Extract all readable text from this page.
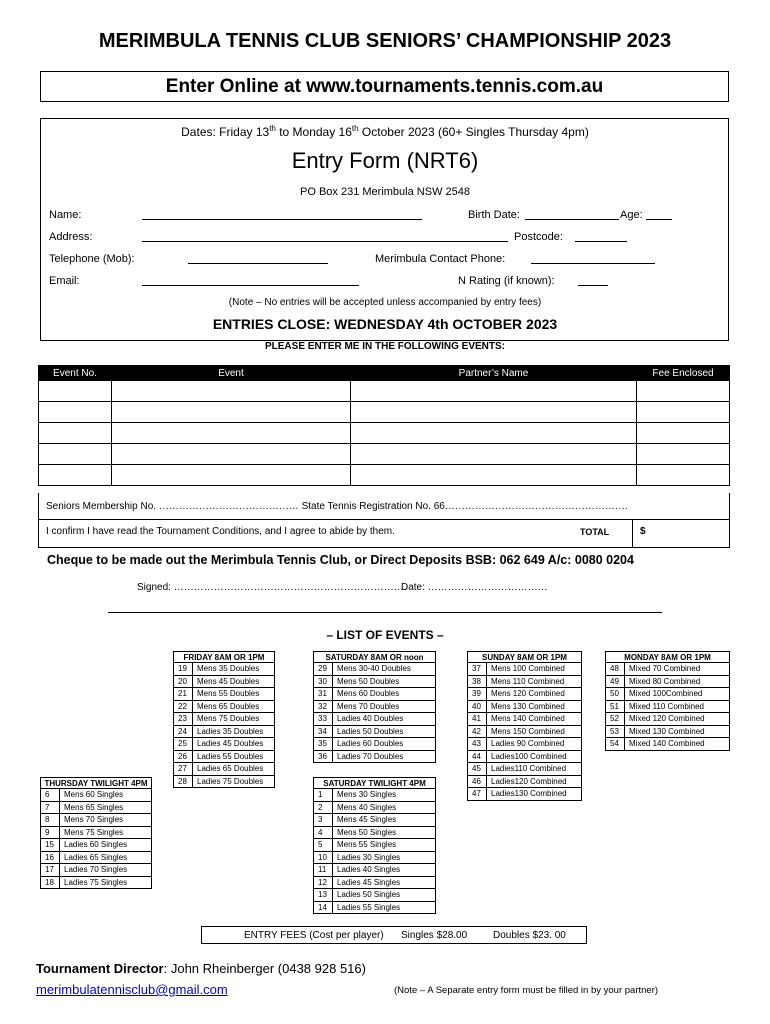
MERIMBULA TENNIS CLUB SENIORS’ CHAMPIONSHIP 2023
Enter Online at www.tournaments.tennis.com.au
Dates: Friday 13th to Monday 16th October 2023 (60+ Singles Thursday 4pm)
Entry Form (NRT6)
PO Box 231 Merimbula NSW 2548
Name:	Birth Date:	Age:
Address:	Postcode:
Telephone (Mob):	Merimbula Contact Phone:
Email:	N Rating (if known):
(Note – No entries will be accepted unless accompanied by entry fees)
ENTRIES CLOSE: WEDNESDAY 4th OCTOBER 2023
PLEASE ENTER ME IN THE FOLLOWING EVENTS:
Event No.	Event	Partner’s Name	Fee Enclosed

Seniors Membership No. …………………………………… State Tennis Registration No. 66……………………………………………….
I confirm I have read the Tournament Conditions, and I agree to abide by them.	TOTAL	$
Cheque to be made out the Merimbula Tennis Club, or Direct Deposits BSB: 062 649 A/c: 0080 0204
Signed: …………………………………………………………….
Date: ………………………………
– LIST OF EVENTS –
FRIDAY 8AM OR 1PM	
19	Mens 35 Doubles
20	Mens 45 Doubles
21	Mens 55 Doubles
22	Mens 65 Doubles
23	Mens 75 Doubles
24	Ladies 35 Doubles
25	Ladies 45 Doubles
26	Ladies 55 Doubles
27	Ladies 65 Doubles
28	Ladies 75 Doubles
SATURDAY 8AM OR noon	
29	Mens 30-40 Doubles
30	Mens 50 Doubles
31	Mens 60 Doubles
32	Mens 70 Doubles
33	Ladies 40 Doubles
34	Ladies 50 Doubles
35	Ladies 60 Doubles
36	Ladies 70 Doubles
SUNDAY 8AM OR 1PM	
37	Mens 100 Combined
38	Mens 110 Combined
39	Mens 120 Combined
40	Mens 130 Combined
41	Mens 140 Combined
42	Mens 150 Combined
43	Ladies 90 Combined
44	Ladies100 Combined
45	Ladies110 Combined
46	Ladies120 Combined
47	Ladies130 Combined
MONDAY 8AM OR 1PM	
48	Mixed 70 Combined
49	Mixed 80 Combined
50	Mixed 100Combined
51	Mixed 110 Combined
52	Mixed 120 Combined
53	Mixed 130 Combined
54	Mixed 140 Combined
THURSDAY TWILIGHT 4PM	
6	Mens 60 Singles
7	Mens 65 Singles
8	Mens 70 Singles
9	Mens 75 Singles
15	Ladies 60 Singles
16	Ladies 65 Singles
17	Ladies 70 Singles
18	Ladies 75 Singles
SATURDAY TWILIGHT 4PM	
1	Mens 30 Singles
2	Mens 40 Singles
3	Mens 45 Singles
4	Mens 50 Singles
5	Mens 55 Singles
10	Ladies 30 Singles
11	Ladies 40 Singles
12	Ladies 45 Singles
13	Ladies 50 Singles
14	Ladies 55 Singles
ENTRY FEES (Cost per player) Singles $28.00	Doubles $23. 00
Tournament Director: John Rheinberger (0438 928 516)
merimbulatennisclub@gmail.com	(Note – A Separate entry form must be filled in by your partner)
